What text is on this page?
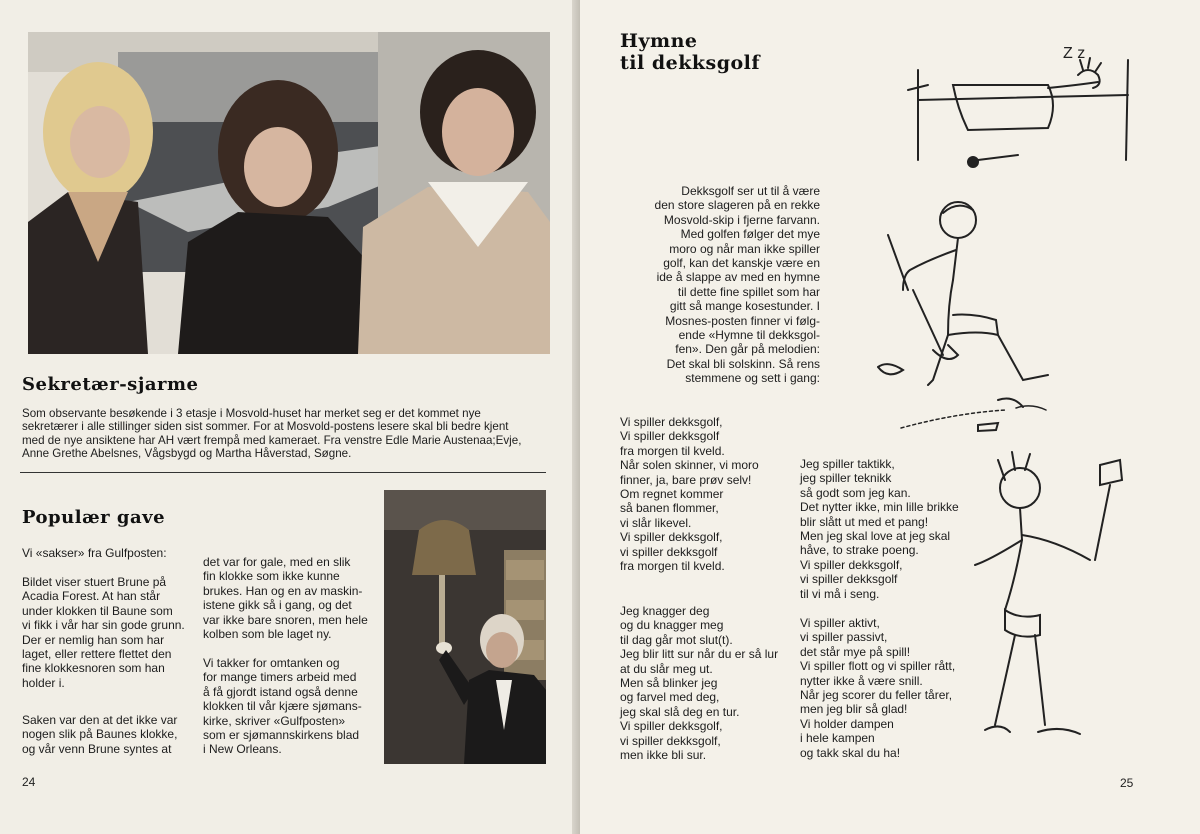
Sekretær-sjarme

Som observante besøkende i 3 etasje i Mosvold-huset har merket seg er det kommet nye
sekretærer i alle stillinger siden sist sommer. For at Mosvold-postens lesere skal bli bedre kjent
med de nye ansiktene har AH vært frempå med kameraet. Fra venstre Edle Marie Austenaa;Evje,
Anne Grethe Abelsnes, Vågsbygd og Martha Håverstad, Søgne.

Populær gave

Vi «sakser» fra Gulfposten:

Bildet viser stuert Brune på
Acadia Forest. At han står
under klokken til Baune som
vi fikk i vår har sin gode grunn.
Der er nemlig han som har
laget, eller rettere flettet den
fine klokkesnoren som han
holder i.

Saken var den at det ikke var
nogen slik på Baunes klokke,
og vår venn Brune syntes at

det var for gale, med en slik
fin klokke som ikke kunne
brukes. Han og en av maskin-
istene gikk så i gang, og det
var ikke bare snoren, men hele
kolben som ble laget ny.

Vi takker for omtanken og
for mange timers arbeid med
å få gjordt istand også denne
klokken til vår kjære sjømans-
kirke, skriver «Gulfposten»
som er sjømannskirkens blad
i New Orleans.

24
Hymne
til dekksgolf

Dekksgolf ser ut til å være
den store slageren på en rekke
Mosvold-skip i fjerne farvann.
Med golfen følger det mye
moro og når man ikke spiller
golf, kan det kanskje være en
ide å slappe av med en hymne
til dette fine spillet som har
gitt så mange kosestunder. I
Mosnes-posten finner vi følg-
ende «Hymne til dekksgol-
fen». Den går på melodien:
Det skal bli solskinn. Så rens
stemmene og sett i gang:

Vi spiller dekksgolf,
Vi spiller dekksgolf
fra morgen til kveld.
Når solen skinner, vi moro
finner, ja, bare prøv selv!
Om regnet kommer
så banen flommer,
vi slår likevel.
Vi spiller dekksgolf,
vi spiller dekksgolf
fra morgen til kveld.

Jeg knagger deg
og du knagger meg
til dag går mot slut(t).
Jeg blir litt sur når du er så lur
at du slår meg ut.
Men så blinker jeg
og farvel med deg,
jeg skal slå deg en tur.
Vi spiller dekksgolf,
vi spiller dekksgolf,
men ikke bli sur.

Jeg spiller taktikk,
jeg spiller teknikk
så godt som jeg kan.
Det nytter ikke, min lille brikke
blir slått ut med et pang!
Men jeg skal love at jeg skal
håve, to strake poeng.
Vi spiller dekksgolf,
vi spiller dekksgolf
til vi må i seng.

Vi spiller aktivt,
vi spiller passivt,
det står mye på spill!
Vi spiller flott og vi spiller rått,
nytter ikke å være snill.
Når jeg scorer du feller tårer,
men jeg blir så glad!
Vi holder dampen
i hele kampen
og takk skal du ha!

Z z
25
